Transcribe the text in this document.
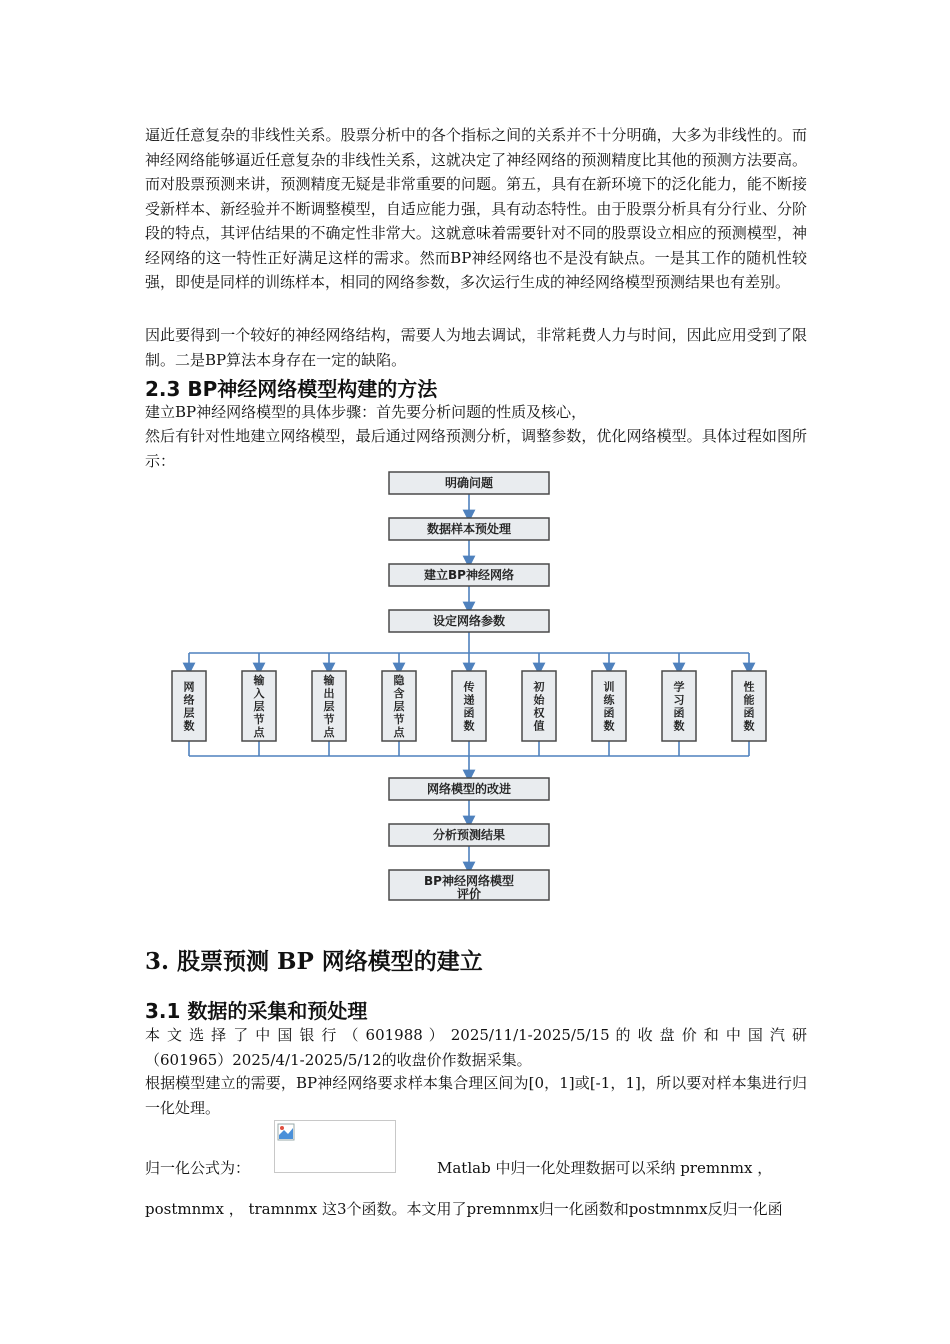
逼近任意复杂的非线性关系。股票分析中的各个指标之间的关系并不十分明确，大多为非线性的。而神经网络能够逼近任意复杂的非线性关系，这就决定了神经网络的预测精度比其他的预测方法要高。而对股票预测来讲，预测精度无疑是非常重要的问题。第五，具有在新环境下的泛化能力，能不断接受新样本、新经验并不断调整模型，自适应能力强，具有动态特性。由于股票分析具有分行业、分阶段的特点，其评估结果的不确定性非常大。这就意味着需要针对不同的股票设立相应的预测模型，神经网络的这一特性正好满足这样的需求。然而BP神经网络也不是没有缺点。一是其工作的随机性较强，即使是同样的训练样本，相同的网络参数，多次运行生成的神经网络模型预测结果也有差别。

因此要得到一个较好的神经网络结构，需要人为地去调试，非常耗费人力与时间，因此应用受到了限制。二是BP算法本身存在一定的缺陷。

2.3 BP神经网络模型构建的方法

建立BP神经网络模型的具体步骤：首先要分析问题的性质及核心，

然后有针对性地建立网络模型，最后通过网络预测分析，调整参数，优化网络模型。具体过程如图所示：

明确问题
数据样本预处理
建立BP神经网络
设定网络参数
网
络
层
数
输
入
层
节
点
输
出
层
节
点
隐
含
层
节
点
传
递
函
数
初
始
权
值
训
练
函
数
学
习
函
数
性
能
函
数
网络模型的改进
分析预测结果
BP神经网络模型
评价
3. 股票预测 BP 网络模型的建立
3.1 数据的采集和预处理

本 文 选 择 了 中 国 银 行 （ 601988 ） 2025/11/1-2025/5/15 的 收 盘 价 和 中 国 汽 研

（601965）2025/4/1-2025/5/12的收盘价作数据采集。

根据模型建立的需要，BP神经网络要求样本集合理区间为[0，1]或[-1，1]，所以要对样本集进行归一化处理。

归一化公式为：	Matlab 中归一化处理数据可以采纳 premnmx ，

postmnmx ， tramnmx 这3个函数。本文用了premnmx归一化函数和postmnmx反归一化函
